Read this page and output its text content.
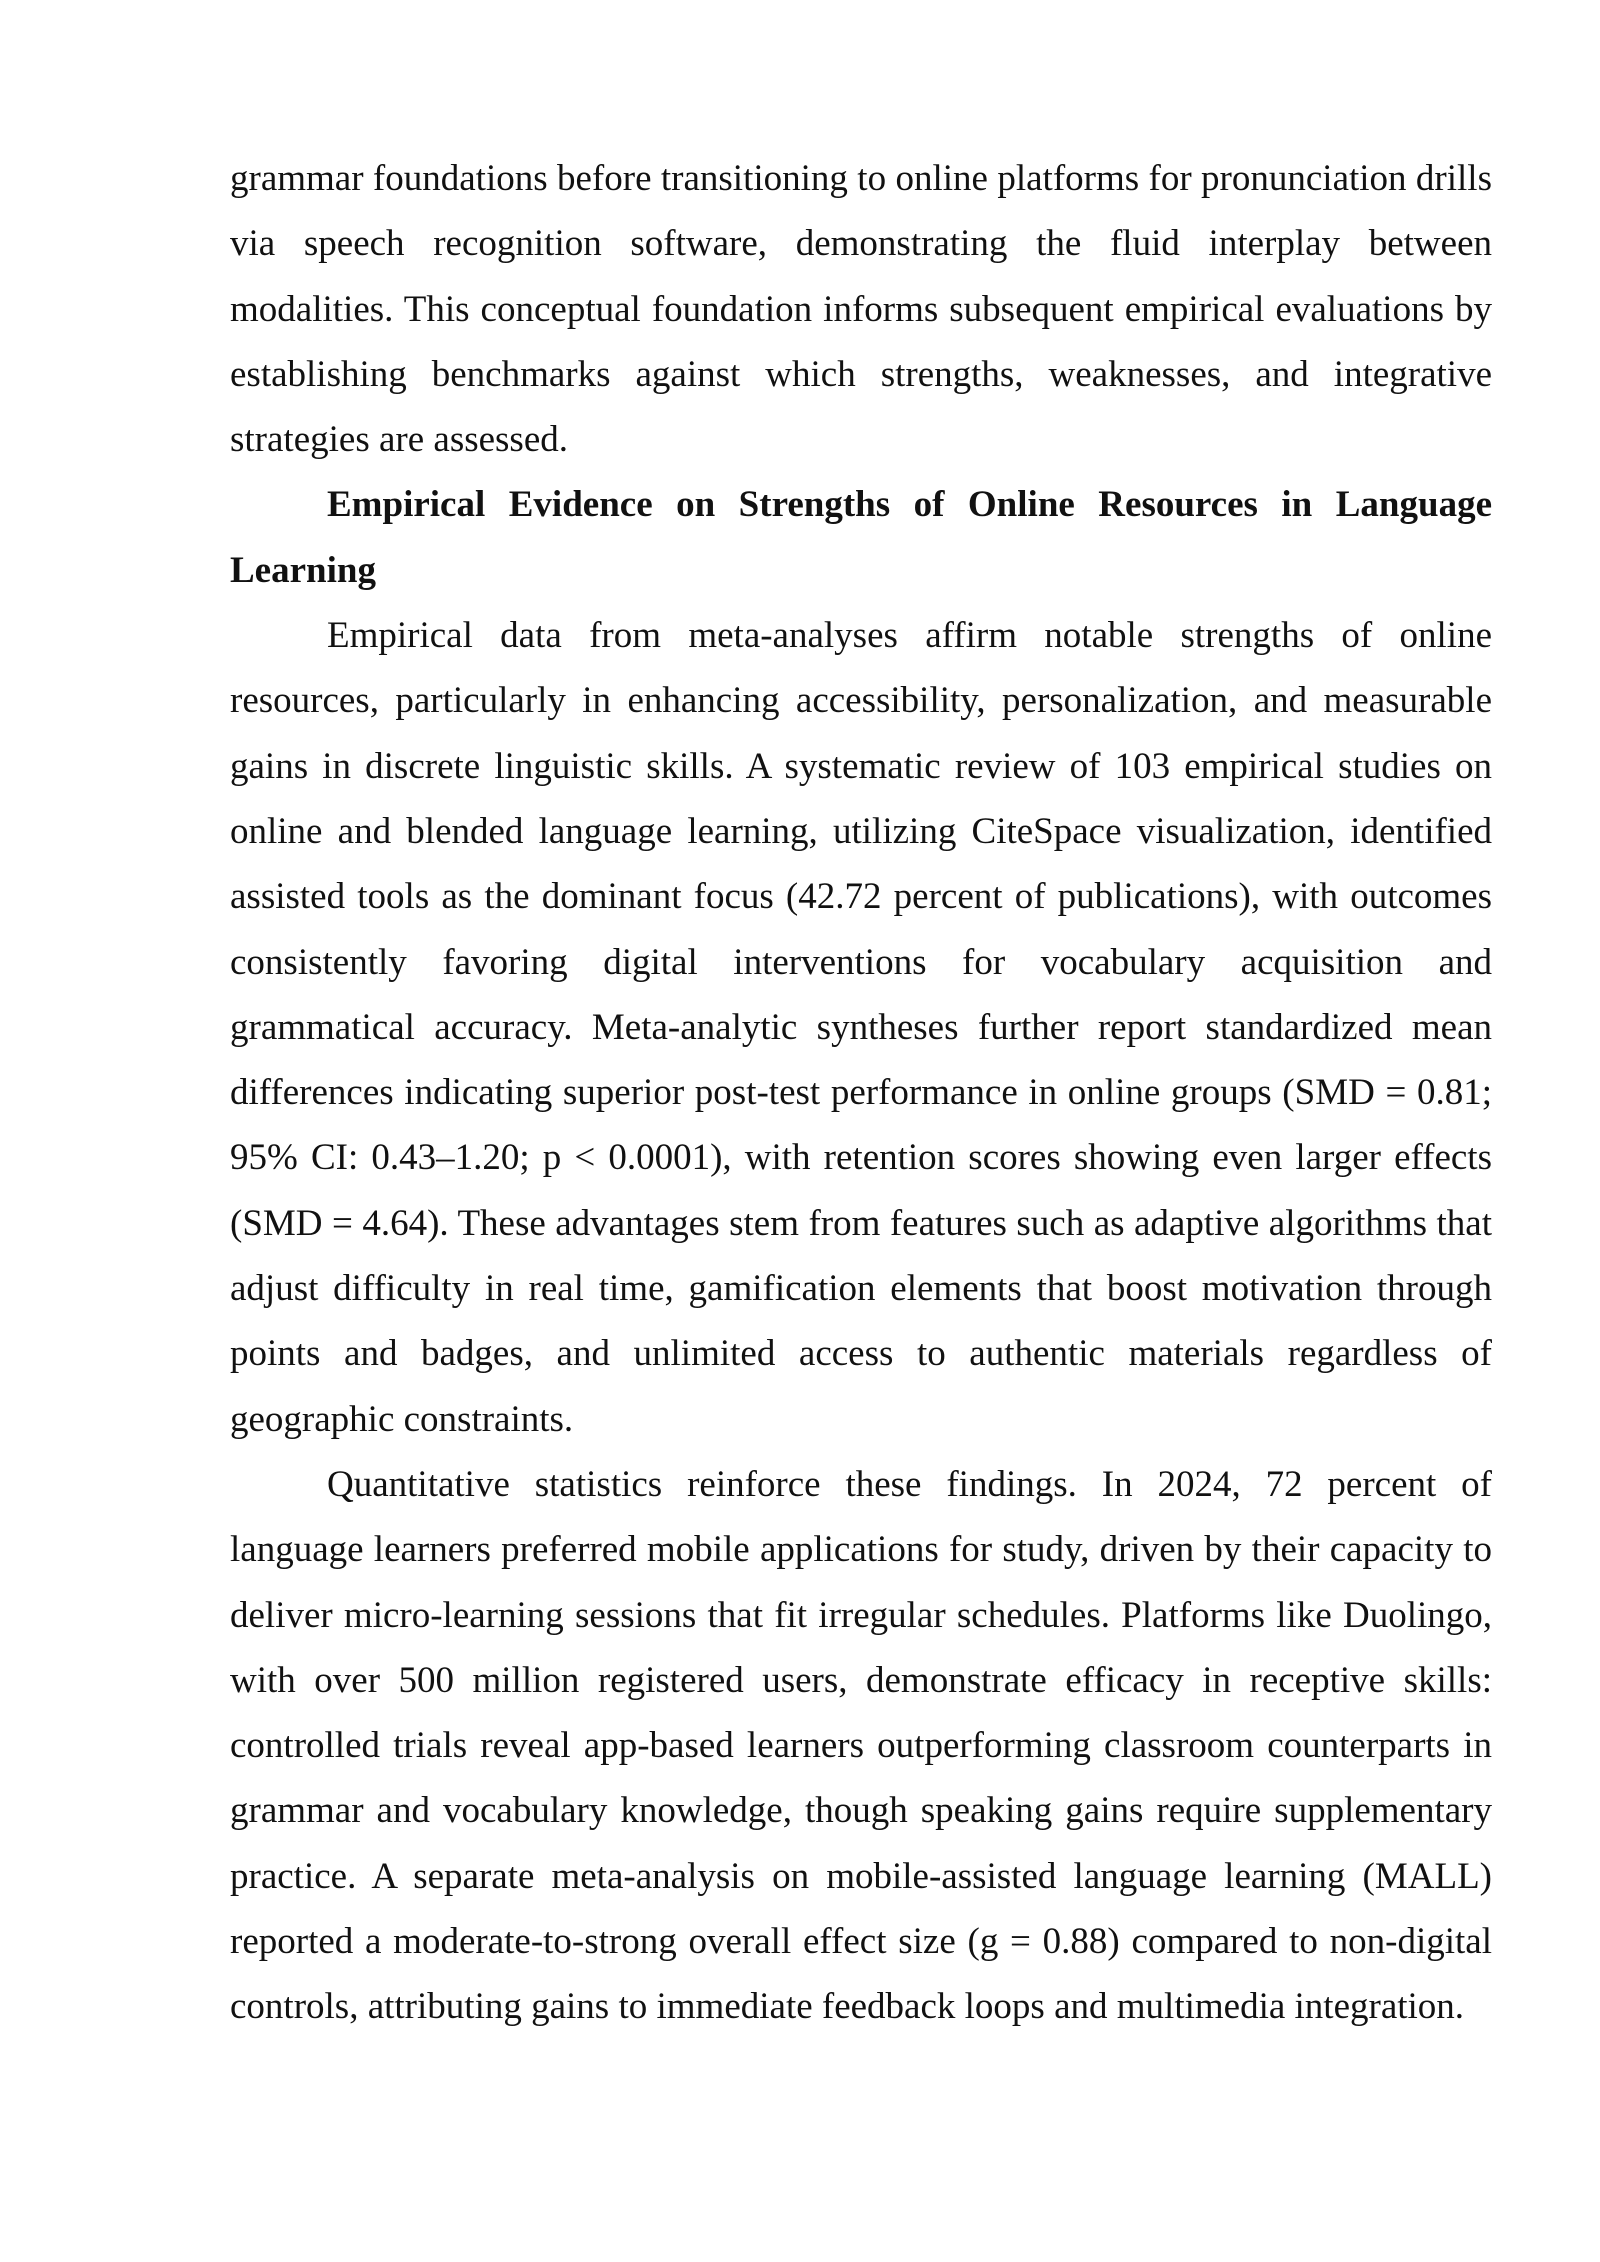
grammar foundations before transitioning to online platforms for pronunciation drills via speech recognition software, demonstrating the fluid interplay between modalities. This conceptual foundation informs subsequent empirical evaluations by establishing benchmarks against which strengths, weaknesses, and integrative strategies are assessed.

Empirical Evidence on Strengths of Online Resources in Language Learning

Empirical data from meta-analyses affirm notable strengths of online resources, particularly in enhancing accessibility, personalization, and measurable gains in discrete linguistic skills. A systematic review of 103 empirical studies on online and blended language learning, utilizing CiteSpace visualization, identified assisted tools as the dominant focus (42.72 percent of publications), with outcomes consistently favoring digital interventions for vocabulary acquisition and grammatical accuracy. Meta-analytic syntheses further report standardized mean differences indicating superior post-test performance in online groups (SMD = 0.81; 95% CI: 0.43–1.20; p < 0.0001), with retention scores showing even larger effects (SMD = 4.64). These advantages stem from features such as adaptive algorithms that adjust difficulty in real time, gamification elements that boost motivation through points and badges, and unlimited access to authentic materials regardless of geographic constraints.

Quantitative statistics reinforce these findings. In 2024, 72 percent of language learners preferred mobile applications for study, driven by their capacity to deliver micro-learning sessions that fit irregular schedules. Platforms like Duolingo, with over 500 million registered users, demonstrate efficacy in receptive skills: controlled trials reveal app-based learners outperforming classroom counterparts in grammar and vocabulary knowledge, though speaking gains require supplementary practice. A separate meta-analysis on mobile-assisted language learning (MALL) reported a moderate-to-strong overall effect size (g = 0.88) compared to non-digital controls, attributing gains to immediate feedback loops and multimedia integration.
